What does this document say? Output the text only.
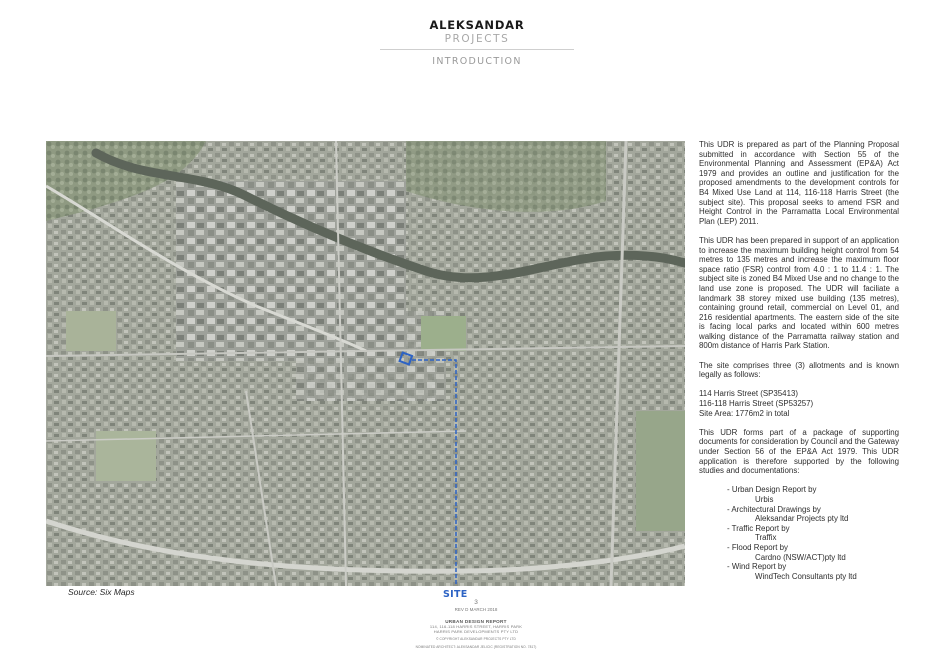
ALEKSANDAR
PROJECTS
INTRODUCTION
SITE
Source: Six Maps
3
REV D MARCH 2018
URBAN DESIGN REPORT
114, 116-118 HARRIS STREET, HARRIS PARK
HARRIS PARK DEVELOPMENTS PTY LTD
© COPYRIGHT ALEKSANDAR PROJECTS PTY LTD
NOMINATED ARCHITECT: ALEKSANDAR JELICIC (REGISTRATION NO. 7817)

This UDR is prepared as part of the Planning Proposal submitted in accordance with Section 55 of the Environmental Planning and Assessment (EP&A) Act 1979 and provides an outline and justification for the proposed amendments to the development controls for B4 Mixed Use Land at 114, 116-118 Harris Street (the subject site). This proposal seeks to amend FSR and Height Control in the Parramatta Local Environmental Plan (LEP) 2011.

This UDR has been prepared in support of an application to increase the maximum building height control from 54 metres to 135 metres and increase the maximum floor space ratio (FSR) control from 4.0 : 1 to 11.4 : 1. The subject site is zoned B4 Mixed Use and no change to the land use zone is proposed. The UDR will faciliate a landmark 38 storey mixed use building (135 metres), containing ground retail, commercial on Level 01, and 216 residential apartments. The eastern side of the site is facing local parks and located within 600 metres walking distance of the Parramatta railway station and 800m distance of Harris Park Station.

The site comprises three (3) allotments and is known legally as follows:

114 Harris Street (SP35413)
116-118 Harris Street (SP53257)
Site Area: 1776m2 in total

This UDR forms part of a package of supporting documents for consideration by Council and the Gateway under Section 56 of the EP&A Act 1979. This UDR application is therefore supported by the following studies and documentations:

- Urban Design Report by
Urbis
- Architectural Drawings by
Aleksandar Projects pty ltd
- Traffic Report by
Traffix
- Flood Report by
Cardno (NSW/ACT)pty ltd
- Wind Report by
WindTech Consultants pty ltd
